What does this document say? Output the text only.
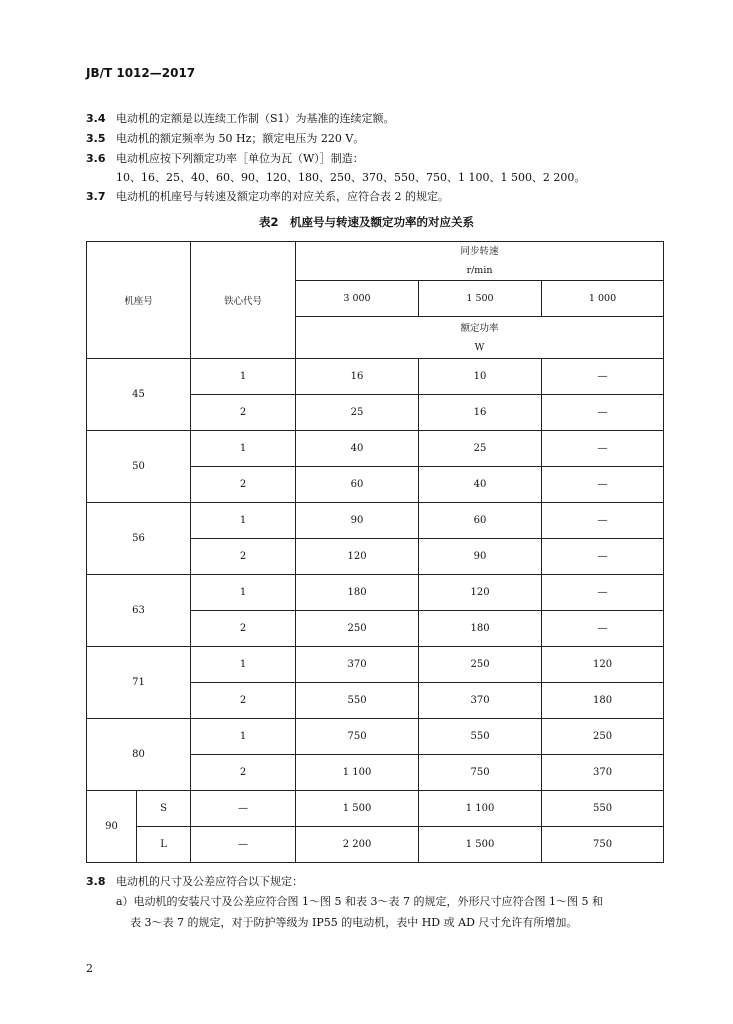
JB/T 1012—2017
3.4 电动机的定额是以连续工作制（S1）为基准的连续定额。
3.5 电动机的额定频率为 50 Hz；额定电压为 220 V。
3.6 电动机应按下列额定功率［单位为瓦（W）］制造：
10、16、25、40、60、90、120、180、250、370、550、750、1 100、1 500、2 200。
3.7 电动机的机座号与转速及额定功率的对应关系，应符合表 2 的规定。
表2　机座号与转速及额定功率的对应关系
机座号		铁心代号	同步转速
r/min		

			3 000	1 500	1 000

			额定功率
W		

45		1	16	10	—
		2	25	16	—
50		1	40	25	—
		2	60	40	—
56		1	90	60	—
		2	120	90	—
63		1	180	120	—
		2	250	180	—
71		1	370	250	120
		2	550	370	180
80		1	750	550	250
		2	1 100	750	370
90	S	—	1 500	1 100	550
	L	—	2 200	1 500	750
3.8 电动机的尺寸及公差应符合以下规定：
a）电动机的安装尺寸及公差应符合图 1～图 5 和表 3～表 7 的规定，外形尺寸应符合图 1～图 5 和
表 3～表 7 的规定，对于防护等级为 IP55 的电动机，表中 HD 或 AD 尺寸允许有所增加。
2
